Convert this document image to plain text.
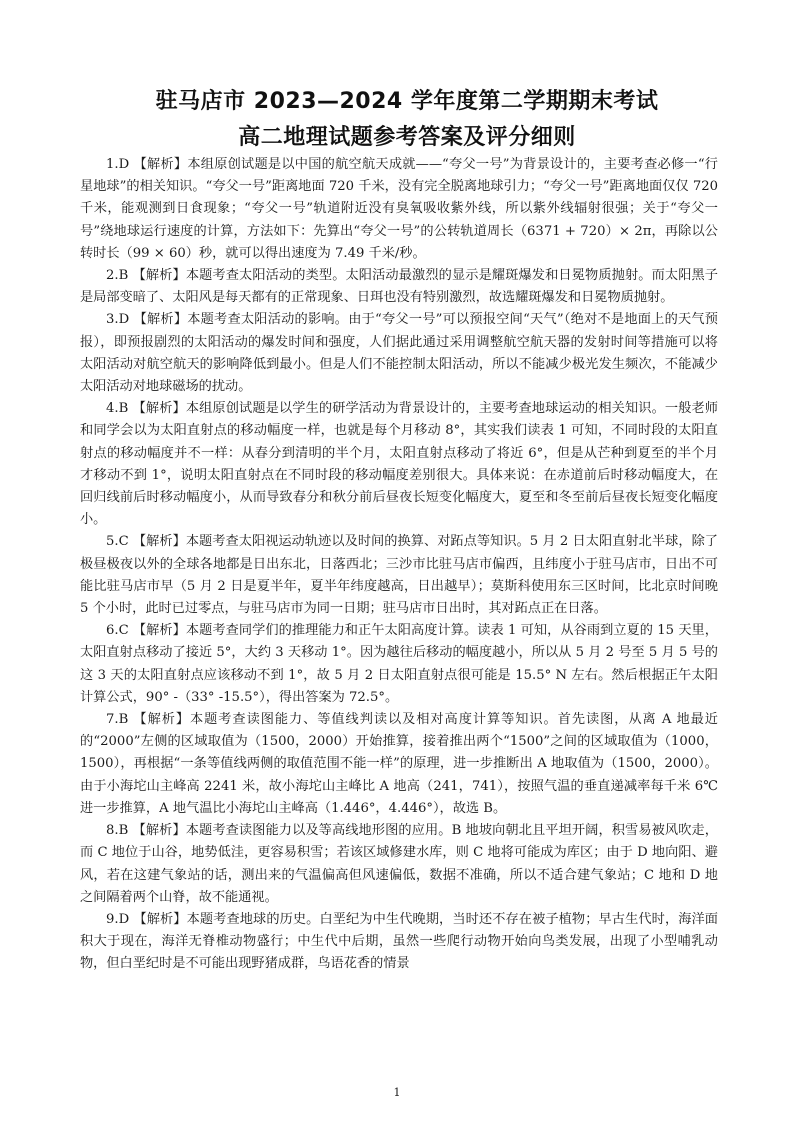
驻马店市 2023—2024 学年度第二学期期末考试
高二地理试题参考答案及评分细则

1.D 【解析】本组原创试题是以中国的航空航天成就——“夸父一号”为背景设计的，主要考查必修一“行星地球”的相关知识。“夸父一号”距离地面 720 千米，没有完全脱离地球引力；“夸父一号”距离地面仅仅 720 千米，能观测到日食现象；“夸父一号”轨道附近没有臭氧吸收紫外线，所以紫外线辐射很强；关于“夸父一号”绕地球运行速度的计算，方法如下：先算出“夸父一号”的公转轨道周长（6371 + 720）× 2π，再除以公转时长（99 × 60）秒，就可以得出速度为 7.49 千米/秒。

2.B 【解析】本题考查太阳活动的类型。太阳活动最激烈的显示是耀斑爆发和日冕物质抛射。而太阳黑子是局部变暗了、太阳风是每天都有的正常现象、日珥也没有特别激烈，故选耀斑爆发和日冕物质抛射。

3.D 【解析】本题考查太阳活动的影响。由于“夸父一号”可以预报空间“天气”（绝对不是地面上的天气预报），即预报剧烈的太阳活动的爆发时间和强度，人们据此通过采用调整航空航天器的发射时间等措施可以将太阳活动对航空航天的影响降低到最小。但是人们不能控制太阳活动，所以不能减少极光发生频次，不能减少太阳活动对地球磁场的扰动。

4.B 【解析】本组原创试题是以学生的研学活动为背景设计的，主要考查地球运动的相关知识。一般老师和同学会以为太阳直射点的移动幅度一样，也就是每个月移动 8°，其实我们读表 1 可知，不同时段的太阳直射点的移动幅度并不一样：从春分到清明的半个月，太阳直射点移动了将近 6°，但是从芒种到夏至的半个月才移动不到 1°，说明太阳直射点在不同时段的移动幅度差别很大。具体来说：在赤道前后时移动幅度大，在回归线前后时移动幅度小，从而导致春分和秋分前后昼夜长短变化幅度大，夏至和冬至前后昼夜长短变化幅度小。

5.C 【解析】本题考查太阳视运动轨迹以及时间的换算、对跖点等知识。5 月 2 日太阳直射北半球，除了极昼极夜以外的全球各地都是日出东北，日落西北；三沙市比驻马店市偏西，且纬度小于驻马店市，日出不可能比驻马店市早（5 月 2 日是夏半年，夏半年纬度越高，日出越早）；莫斯科使用东三区时间，比北京时间晚 5 个小时，此时已过零点，与驻马店市为同一日期；驻马店市日出时，其对跖点正在日落。

6.C 【解析】本题考查同学们的推理能力和正午太阳高度计算。读表 1 可知，从谷雨到立夏的 15 天里，太阳直射点移动了接近 5°，大约 3 天移动 1°。因为越往后移动的幅度越小，所以从 5 月 2 号至 5 月 5 号的这 3 天的太阳直射点应该移动不到 1°，故 5 月 2 日太阳直射点很可能是 15.5° N 左右。然后根据正午太阳计算公式，90° -（33° -15.5°），得出答案为 72.5°。

7.B 【解析】本题考查读图能力、等值线判读以及相对高度计算等知识。首先读图，从离 A 地最近的“2000”左侧的区域取值为（1500，2000）开始推算，接着推出两个“1500”之间的区域取值为（1000，1500），再根据“一条等值线两侧的取值范围不能一样”的原理，进一步推断出 A 地取值为（1500，2000）。由于小海坨山主峰高 2241 米，故小海坨山主峰比 A 地高（241，741），按照气温的垂直递减率每千米 6℃进一步推算，A 地气温比小海坨山主峰高（1.446°，4.446°），故选 B。

8.B 【解析】本题考查读图能力以及等高线地形图的应用。B 地坡向朝北且平坦开阔，积雪易被风吹走，而 C 地位于山谷，地势低洼，更容易积雪；若该区域修建水库，则 C 地将可能成为库区；由于 D 地向阳、避风，若在这建气象站的话，测出来的气温偏高但风速偏低，数据不准确，所以不适合建气象站；C 地和 D 地之间隔着两个山脊，故不能通视。

9.D 【解析】本题考查地球的历史。白垩纪为中生代晚期，当时还不存在被子植物；早古生代时，海洋面积大于现在，海洋无脊椎动物盛行；中生代中后期，虽然一些爬行动物开始向鸟类发展，出现了小型哺乳动物，但白垩纪时是不可能出现野猪成群，鸟语花香的情景

1
